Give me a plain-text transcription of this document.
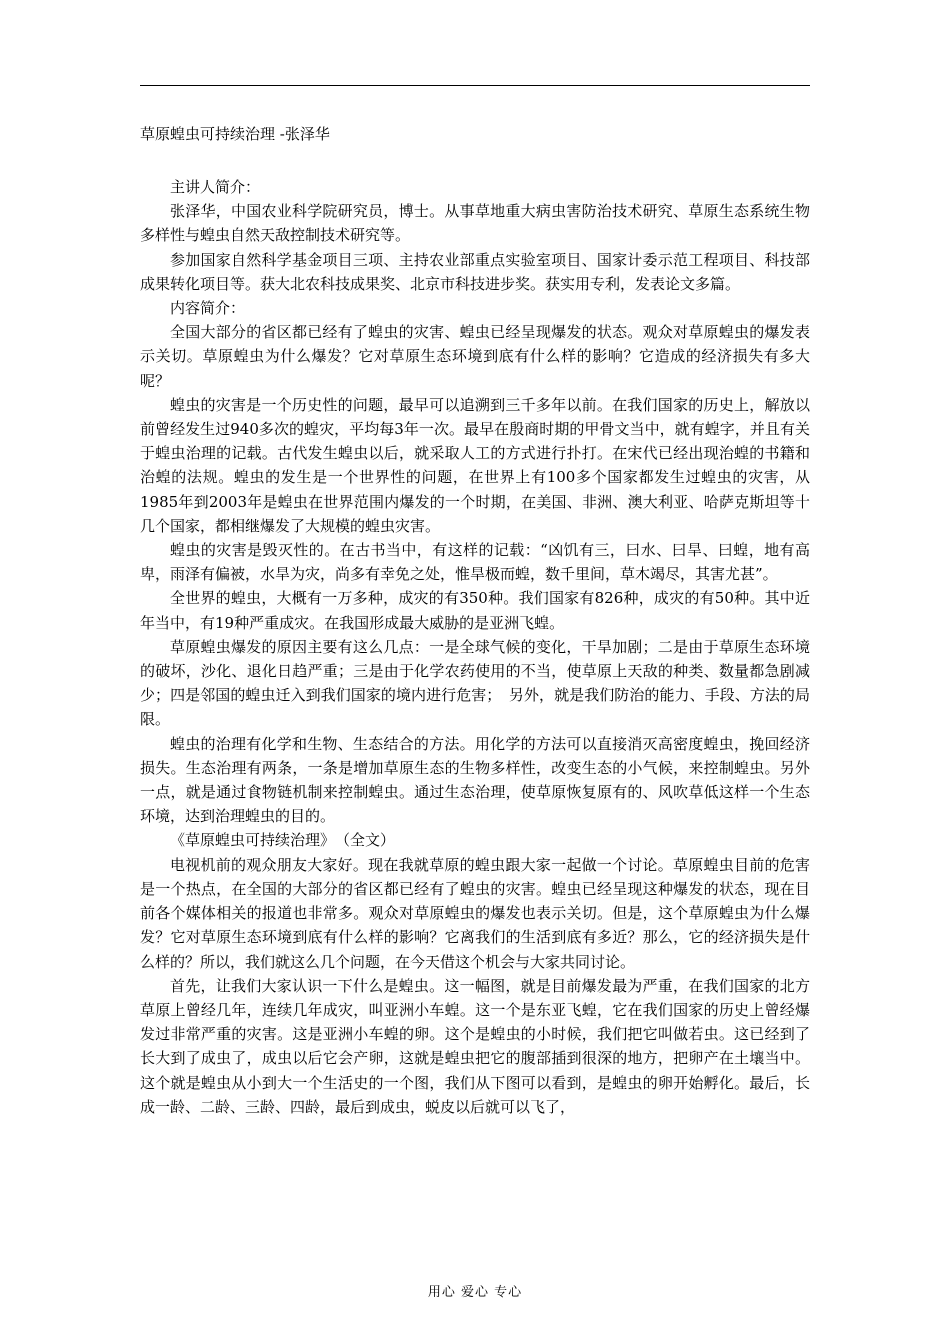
草原蝗虫可持续治理 -张泽华

主讲人简介：

张泽华，中国农业科学院研究员，博士。从事草地重大病虫害防治技术研究、草原生态系统生物多样性与蝗虫自然天敌控制技术研究等。

参加国家自然科学基金项目三项、主持农业部重点实验室项目、国家计委示范工程项目、科技部成果转化项目等。获大北农科技成果奖、北京市科技进步奖。获实用专利，发表论文多篇。

内容简介：

全国大部分的省区都已经有了蝗虫的灾害、蝗虫已经呈现爆发的状态。观众对草原蝗虫的爆发表示关切。草原蝗虫为什么爆发？它对草原生态环境到底有什么样的影响？它造成的经济损失有多大呢？

蝗虫的灾害是一个历史性的问题，最早可以追溯到三千多年以前。在我们国家的历史上，解放以前曾经发生过940多次的蝗灾，平均每3年一次。最早在殷商时期的甲骨文当中，就有蝗字，并且有关于蝗虫治理的记载。古代发生蝗虫以后，就采取人工的方式进行扑打。在宋代已经出现治蝗的书籍和治蝗的法规。蝗虫的发生是一个世界性的问题，在世界上有100多个国家都发生过蝗虫的灾害，从1985年到2003年是蝗虫在世界范围内爆发的一个时期，在美国、非洲、澳大利亚、哈萨克斯坦等十几个国家，都相继爆发了大规模的蝗虫灾害。

蝗虫的灾害是毁灭性的。在古书当中，有这样的记载：“凶饥有三，曰水、曰旱、曰蝗，地有高卑，雨泽有偏被，水旱为灾，尚多有幸免之处，惟旱极而蝗，数千里间，草木竭尽，其害尤甚”。

全世界的蝗虫，大概有一万多种，成灾的有350种。我们国家有826种，成灾的有50种。其中近年当中，有19种严重成灾。在我国形成最大威胁的是亚洲飞蝗。

草原蝗虫爆发的原因主要有这么几点：一是全球气候的变化，干旱加剧；二是由于草原生态环境的破坏，沙化、退化日趋严重；三是由于化学农药使用的不当，使草原上天敌的种类、数量都急剧减少；四是邻国的蝗虫迁入到我们国家的境内进行危害；　另外，就是我们防治的能力、手段、方法的局限。

蝗虫的治理有化学和生物、生态结合的方法。用化学的方法可以直接消灭高密度蝗虫，挽回经济损失。生态治理有两条，一条是增加草原生态的生物多样性，改变生态的小气候，来控制蝗虫。另外一点，就是通过食物链机制来控制蝗虫。通过生态治理，使草原恢复原有的、风吹草低这样一个生态环境，达到治理蝗虫的目的。

《草原蝗虫可持续治理》　（全文）

电视机前的观众朋友大家好。现在我就草原的蝗虫跟大家一起做一个讨论。草原蝗虫目前的危害是一个热点，在全国的大部分的省区都已经有了蝗虫的灾害。蝗虫已经呈现这种爆发的状态，现在目前各个媒体相关的报道也非常多。观众对草原蝗虫的爆发也表示关切。但是，这个草原蝗虫为什么爆发？它对草原生态环境到底有什么样的影响？它离我们的生活到底有多近？那么，它的经济损失是什么样的？所以，我们就这么几个问题，在今天借这个机会与大家共同讨论。

首先，让我们大家认识一下什么是蝗虫。这一幅图，就是目前爆发最为严重，在我们国家的北方草原上曾经几年，连续几年成灾，叫亚洲小车蝗。这一个是东亚飞蝗，它在我们国家的历史上曾经爆发过非常严重的灾害。这是亚洲小车蝗的卵。这个是蝗虫的小时候，我们把它叫做若虫。这已经到了长大到了成虫了，成虫以后它会产卵，这就是蝗虫把它的腹部插到很深的地方，把卵产在土壤当中。这个就是蝗虫从小到大一个生活史的一个图，我们从下图可以看到，是蝗虫的卵开始孵化。最后，长成一龄、二龄、三龄、四龄，最后到成虫，蜕皮以后就可以飞了，

用心 爱心 专心
